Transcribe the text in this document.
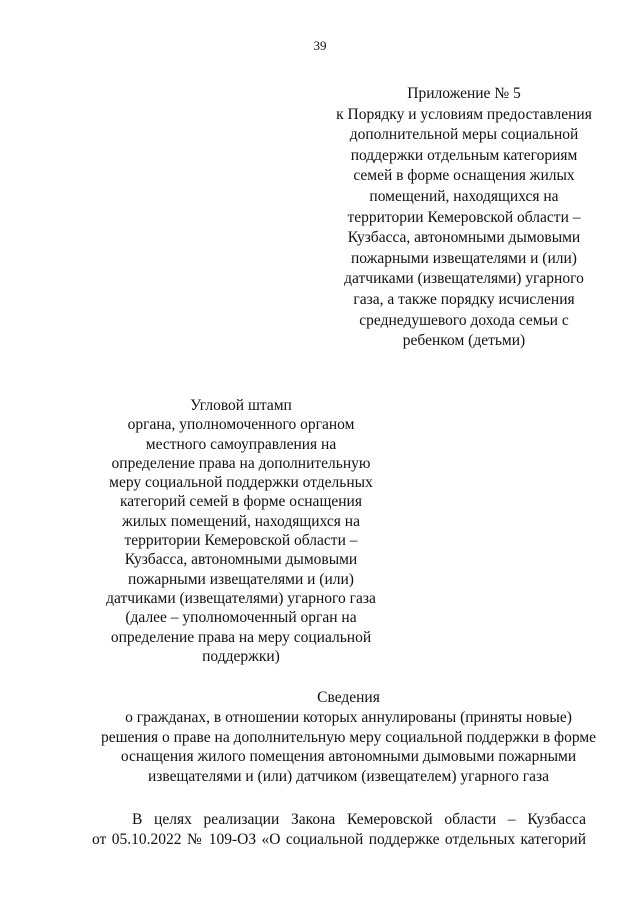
39
Приложение № 5
к Порядку и условиям предоставления
дополнительной меры социальной
поддержки отдельным категориям
семей в форме оснащения жилых
помещений, находящихся на
территории Кемеровской области –
Кузбасса, автономными дымовыми
пожарными извещателями и (или)
датчиками (извещателями) угарного
газа, а также порядку исчисления
среднедушевого дохода семьи с
ребенком (детьми)
Угловой штамп
органа, уполномоченного органом
местного самоуправления на
определение права на дополнительную
меру социальной поддержки отдельных
категорий семей в форме оснащения
жилых помещений, находящихся на
территории Кемеровской области –
Кузбасса, автономными дымовыми
пожарными извещателями и (или)
датчиками (извещателями) угарного газа
(далее – уполномоченный орган на
определение права на меру социальной
поддержки)
Сведения
о гражданах, в отношении которых аннулированы (приняты новые)
решения о праве на дополнительную меру социальной поддержки в форме
оснащения жилого помещения автономными дымовыми пожарными
извещателями и (или) датчиком (извещателем) угарного газа
В целях реализации Закона Кемеровской области – Кузбасса
от 05.10.2022 № 109-ОЗ «О социальной поддержке отдельных категорий
